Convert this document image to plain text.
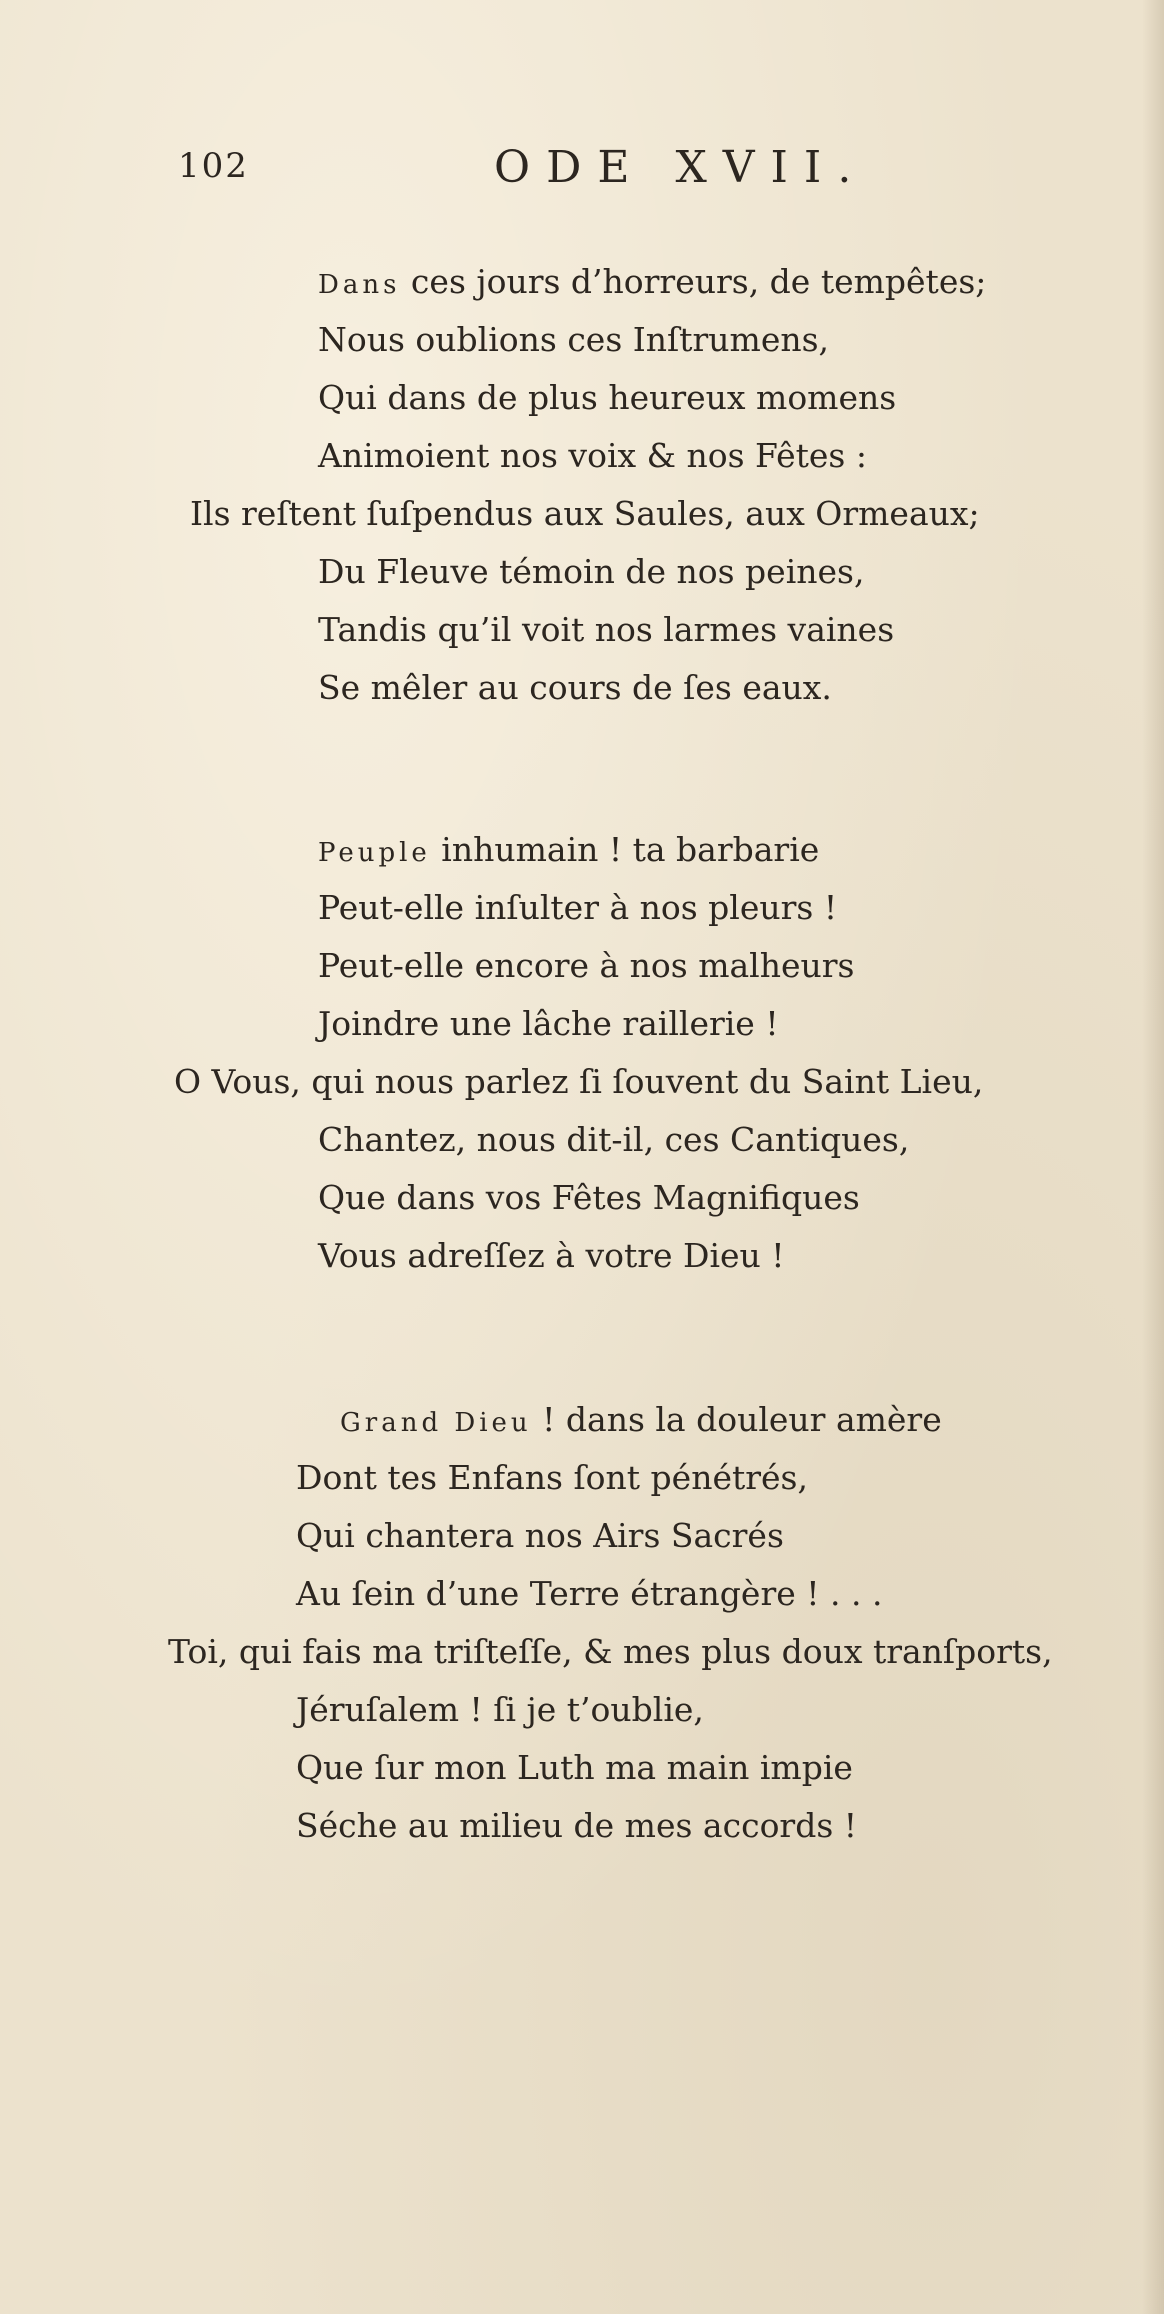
102	ODE XVII.
Dans ces jours d’horreurs, de tempêtes;
Nous oublions ces Inſtrumens,
Qui dans de plus heureux momens
Animoient nos voix & nos Fêtes :
Ils reſtent ſuſpendus aux Saules, aux Ormeaux;
Du Fleuve témoin de nos peines,
Tandis qu’il voit nos larmes vaines
Se mêler au cours de ſes eaux.
Peuple inhumain ! ta barbarie
Peut-elle inſulter à nos pleurs !
Peut-elle encore à nos malheurs
Joindre une lâche raillerie !
O Vous, qui nous parlez ſi ſouvent du Saint Lieu,
Chantez, nous dit-il, ces Cantiques,
Que dans vos Fêtes Magnifiques
Vous adreſſez à votre Dieu !
Grand Dieu ! dans la douleur amère
Dont tes Enfans ſont pénétrés,
Qui chantera nos Airs Sacrés
Au ſein d’une Terre étrangère ! . . .
Toi, qui fais ma triſteſſe, & mes plus doux tranſports,
Jéruſalem ! ſi je t’oublie,
Que ſur mon Luth ma main impie
Séche au milieu de mes accords !
